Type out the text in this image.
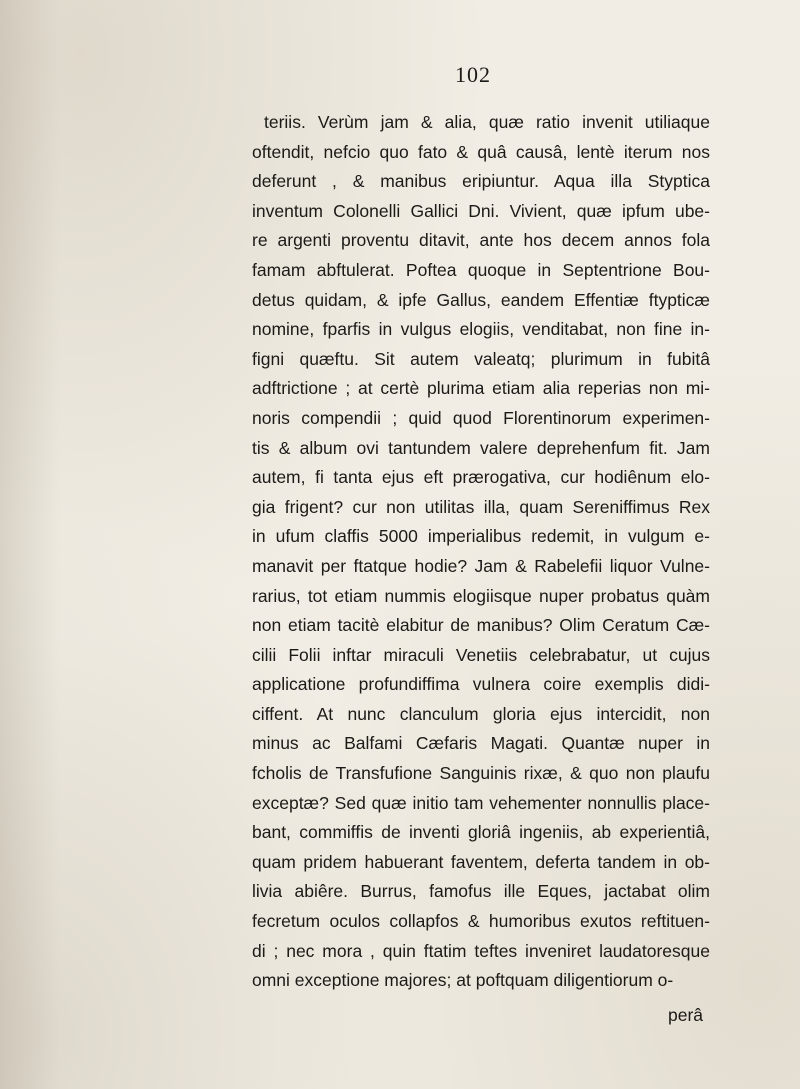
102
teriis. Verùm jam & alia, quæ ratio invenit utiliaque
oftendit, nefcio quo fato & quâ causâ, lentè iterum nos
deferunt , & manibus eripiuntur. Aqua illa Styptica
inventum Colonelli Gallici Dni. Vivient, quæ ipfum ube-
re argenti proventu ditavit, ante hos decem annos fola
famam abftulerat. Poftea quoque in Septentrione Bou-
detus quidam, & ipfe Gallus, eandem Effentiæ ftypticæ
nomine, fparfis in vulgus elogiis, venditabat, non fine in-
figni quæftu. Sit autem valeatq; plurimum in fubitâ
adftrictione ; at certè plurima etiam alia reperias non mi-
noris compendii ; quid quod Florentinorum experimen-
tis & album ovi tantundem valere deprehenfum fit. Jam
autem, fi tanta ejus eft prærogativa, cur hodiênum elo-
gia frigent? cur non utilitas illa, quam Sereniffimus Rex
in ufum claffis 5000 imperialibus redemit, in vulgum e-
manavit per ftatque hodie? Jam & Rabelefii liquor Vulne-
rarius, tot etiam nummis elogiisque nuper probatus quàm
non etiam tacitè elabitur de manibus? Olim Ceratum Cæ-
cilii Folii inftar miraculi Venetiis celebrabatur, ut cujus
applicatione profundiffima vulnera coire exemplis didi-
ciffent. At nunc clanculum gloria ejus intercidit, non
minus ac Balfami Cæfaris Magati. Quantæ nuper in
fcholis de Transfufione Sanguinis rixæ, & quo non plaufu
exceptæ? Sed quæ initio tam vehementer nonnullis place-
bant, commiffis de inventi gloriâ ingeniis, ab experientiâ,
quam pridem habuerant faventem, deferta tandem in ob-
livia abiêre. Burrus, famofus ille Eques, jactabat olim
fecretum oculos collapfos & humoribus exutos reftituen-
di ; nec mora , quin ftatim teftes inveniret laudatoresque
omni exceptione majores; at poftquam diligentiorum o-
perâ
